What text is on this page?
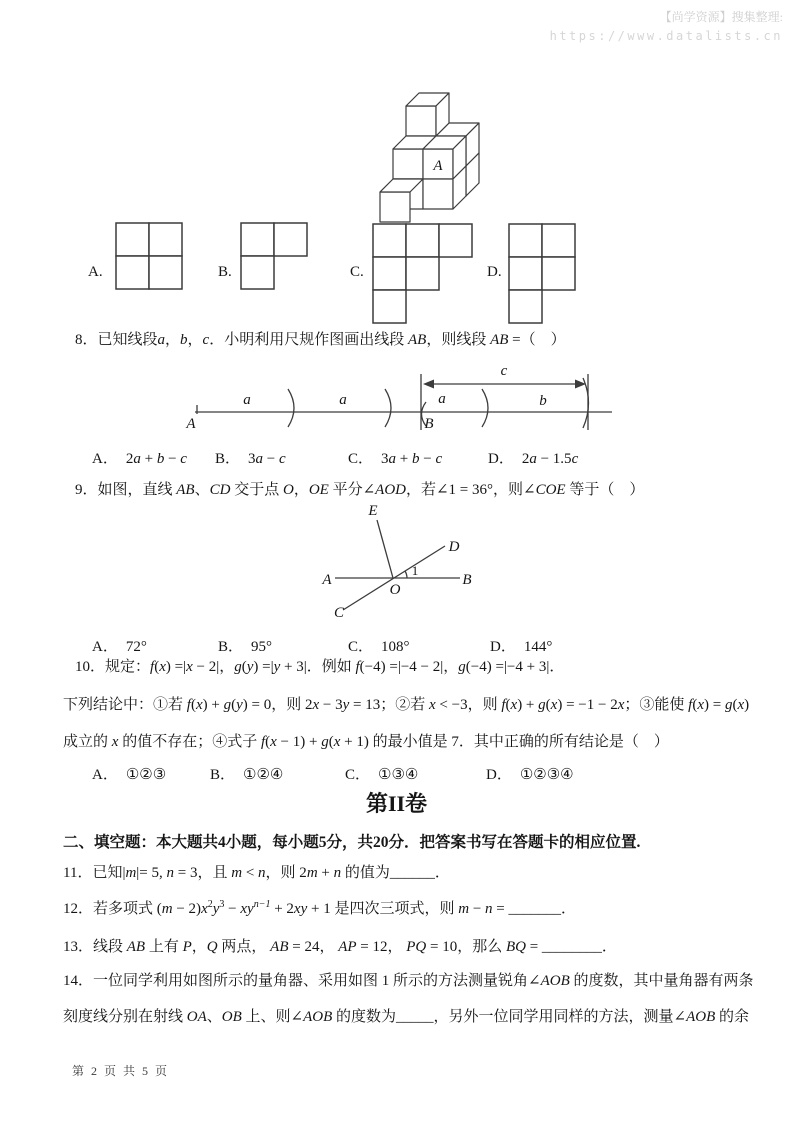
【尚学资源】搜集整理:
https://www.datalists.cn
A
A.	B.	C.	D.
8．已知线段a，b，c．小明利用尺规作图画出线段 AB，则线段 AB =（　）
A	B
a	a	a	b
c
A． 2a + b − c B． 3a − c	C． 3a + b − c	D． 2a − 1.5c
9．如图，直线 AB、CD 交于点 O，OE 平分∠AOD，若∠1 = 36°，则∠COE 等于（　）
A	B
C
D
E
O
1
A． 72°	B． 95°	C． 108°	D． 144°
10．规定：f(x) =|x − 2|，g(y) =|y + 3|．例如 f(−4) =|−4 − 2|，g(−4) =|−4 + 3|．
下列结论中：①若 f(x) + g(y) = 0，则 2x − 3y = 13；②若 x < −3，则 f(x) + g(x) = −1 − 2x；③能使 f(x) = g(x)
成立的 x 的值不存在；④式子 f(x − 1) + g(x + 1) 的最小值是 7．其中正确的所有结论是（　）
A． ①②③	B． ①②④	C． ①③④	D． ①②③④
第II卷
二、填空题：本大题共4小题，每小题5分，共20分．把答案书写在答题卡的相应位置.
11．已知|m|= 5, n = 3，且 m < n，则 2m + n 的值为______．
12．若多项式 $(m - 2)x^2y^3 - xy^{n-1} + 2xy + 1$ 是四次三项式，则 m − n = _______．
13．线段 AB 上有 P，Q 两点， AB = 24， AP = 12， PQ = 10，那么 BQ = ________．
14．一位同学利用如图所示的量角器、采用如图 1 所示的方法测量锐角∠AOB 的度数，其中量角器有两条
刻度线分别在射线 OA、OB 上、则∠AOB 的度数为_____，另外一位同学用同样的方法，测量∠AOB 的余
第 2 页 共 5 页
